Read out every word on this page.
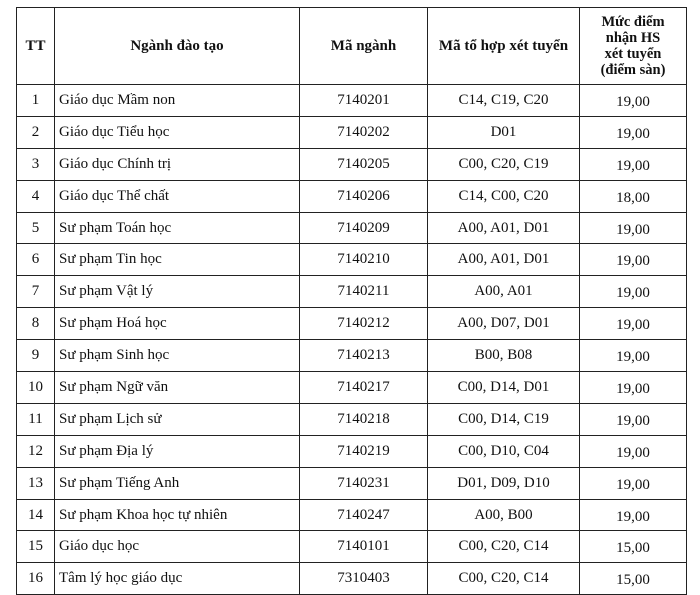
TT	Ngành đào tạo	Mã ngành	Mã tổ hợp xét tuyển	Mức điểm
nhận HS
xét tuyển
(điểm sàn)

1	Giáo dục Mầm non	7140201	C14, C19, C20	19,00
2	Giáo dục Tiểu học	7140202	D01	19,00
3	Giáo dục Chính trị	7140205	C00, C20, C19	19,00
4	Giáo dục Thể chất	7140206	C14, C00, C20	18,00
5	Sư phạm Toán học	7140209	A00, A01, D01	19,00
6	Sư phạm Tin học	7140210	A00, A01, D01	19,00
7	Sư phạm Vật lý	7140211	A00, A01	19,00
8	Sư phạm Hoá học	7140212	A00, D07, D01	19,00
9	Sư phạm Sinh học	7140213	B00, B08	19,00
10	Sư phạm Ngữ văn	7140217	C00, D14, D01	19,00
11	Sư phạm Lịch sử	7140218	C00, D14, C19	19,00
12	Sư phạm Địa lý	7140219	C00, D10, C04	19,00
13	Sư phạm Tiếng Anh	7140231	D01, D09, D10	19,00
14	Sư phạm Khoa học tự nhiên	7140247	A00, B00	19,00
15	Giáo dục học	7140101	C00, C20, C14	15,00
16	Tâm lý học giáo dục	7310403	C00, C20, C14	15,00
